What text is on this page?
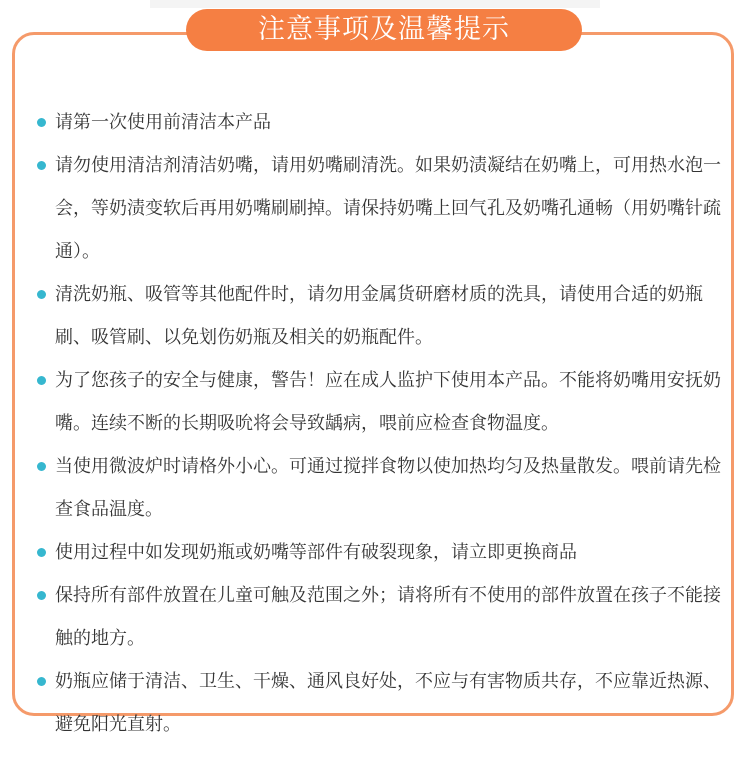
注意事项及温馨提示
请第一次使用前清洁本产品
请勿使用清洁剂清洁奶嘴，请用奶嘴刷清洗。如果奶渍凝结在奶嘴上，可用热水泡一会，等奶渍变软后再用奶嘴刷刷掉。请保持奶嘴上回气孔及奶嘴孔通畅（用奶嘴针疏通）。
清洗奶瓶、吸管等其他配件时，请勿用金属货研磨材质的洗具，请使用合适的奶瓶刷、吸管刷、以免划伤奶瓶及相关的奶瓶配件。
为了您孩子的安全与健康，警告！应在成人监护下使用本产品。不能将奶嘴用安抚奶嘴。连续不断的长期吸吮将会导致龋病，喂前应检查食物温度。
当使用微波炉时请格外小心。可通过搅拌食物以使加热均匀及热量散发。喂前请先检查食品温度。
使用过程中如发现奶瓶或奶嘴等部件有破裂现象，请立即更换商品
保持所有部件放置在儿童可触及范围之外；请将所有不使用的部件放置在孩子不能接触的地方。
奶瓶应储于清洁、卫生、干燥、通风良好处，不应与有害物质共存，不应靠近热源、避免阳光直射。
